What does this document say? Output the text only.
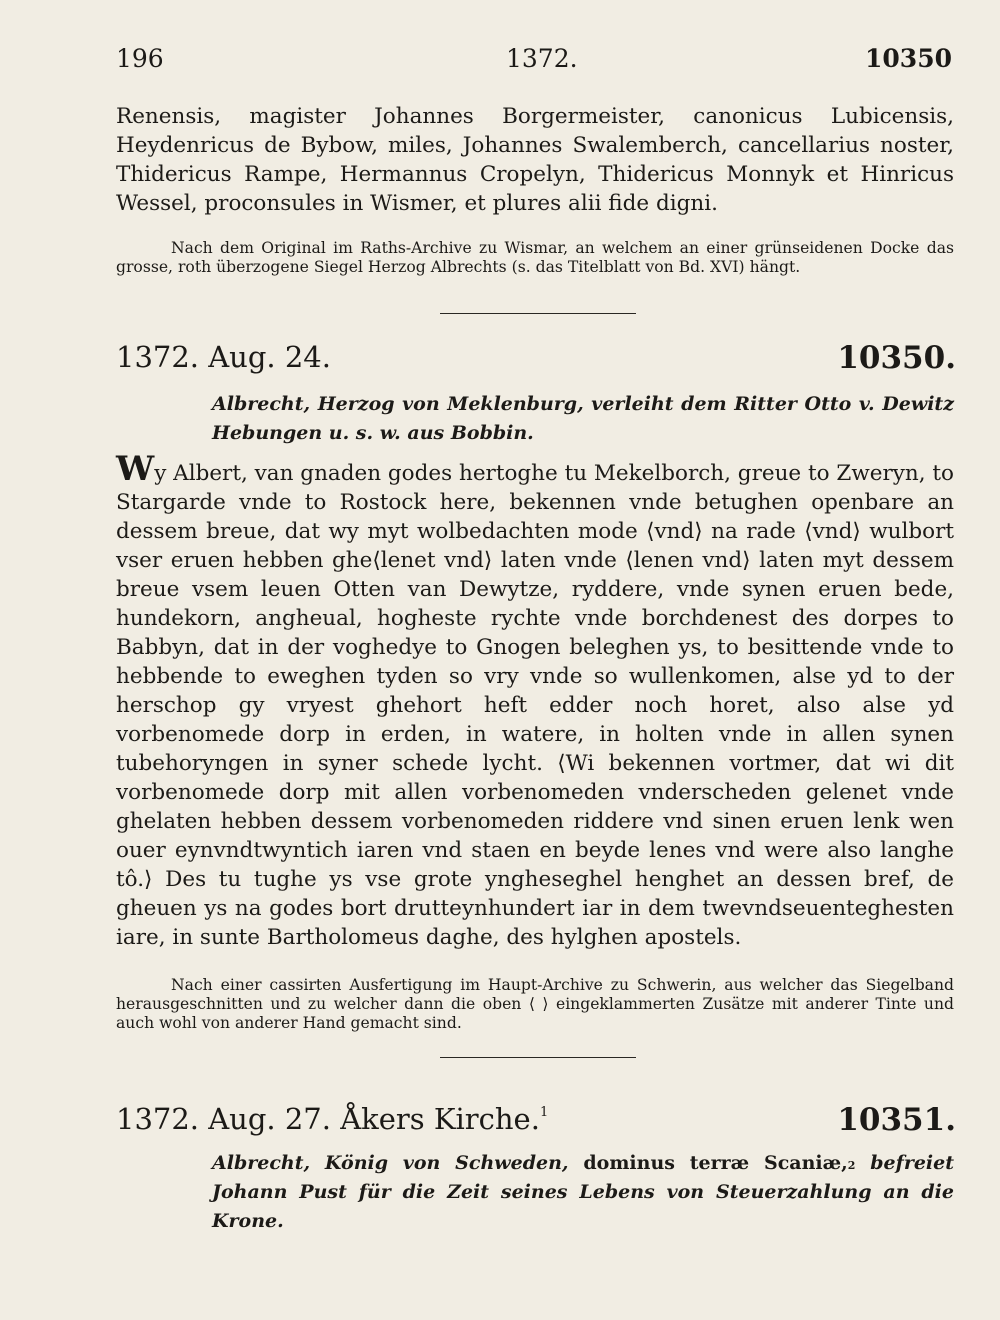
196	1372.	10350

Renensis, magister Johannes Borgermeister, canonicus Lubicensis, Heydenricus de Bybow, miles, Johannes Swalemberch, cancellarius noster, Thidericus Rampe, Hermannus Cropelyn, Thidericus Monnyk et Hinricus Wessel, proconsules in Wismer, et plures alii fide digni.

Nach dem Original im Raths-Archive zu Wismar, an welchem an einer grünseidenen Docke das grosse, roth überzogene Siegel Herzog Albrechts (s. das Titelblatt von Bd. XVI) hängt.

1372. Aug. 24.	10350.
Albrecht, Herzog von Meklenburg, verleiht dem Ritter Otto v. Dewitz Hebungen u. s. w. aus Bobbin.

Wy Albert, van gnaden godes hertoghe tu Mekelborch, greue to Zweryn, to Stargarde vnde to Rostock here, bekennen vnde betughen openbare an dessem breue, dat wy myt wolbedachten mode ⟨vnd⟩ na rade ⟨vnd⟩ wulbort vser eruen hebben ghe⟨lenet vnd⟩ laten vnde ⟨lenen vnd⟩ laten myt dessem breue vsem leuen Otten van Dewytze, ryddere, vnde synen eruen bede, hundekorn, angheual, hogheste rychte vnde borchdenest des dorpes to Babbyn, dat in der voghedye to Gnogen beleghen ys, to besittende vnde to hebbende to eweghen tyden so vry vnde so wullenkomen, alse yd to der herschop gy vryest ghehort heft edder noch horet, also alse yd vorbenomede dorp in erden, in watere, in holten vnde in allen synen tubehoryngen in syner schede lycht. ⟨Wi bekennen vortmer, dat wi dit vorbenomede dorp mit allen vorbenomeden vnderscheden gelenet vnde ghelaten hebben dessem vorbenomeden riddere vnd sinen eruen lenk wen ouer eynvndtwyntich iaren vnd staen en beyde lenes vnd were also langhe tô.⟩ Des tu tughe ys vse grote yngheseghel henghet an dessen bref, de gheuen ys na godes bort drutteynhundert iar in dem twevndseuenteghesten iare, in sunte Bartholomeus daghe, des hylghen apostels.

Nach einer cassirten Ausfertigung im Haupt-Archive zu Schwerin, aus welcher das Siegelband herausgeschnitten und zu welcher dann die oben ⟨ ⟩ eingeklammerten Zusätze mit anderer Tinte und auch wohl von anderer Hand gemacht sind.

1372. Aug. 27. Åkers Kirche.$^1$	10351.
Albrecht, König von Schweden, dominus terræ Scaniæ,$^2$ befreiet Johann Pust für die Zeit seines Lebens von Steuerzahlung an die Krone.
